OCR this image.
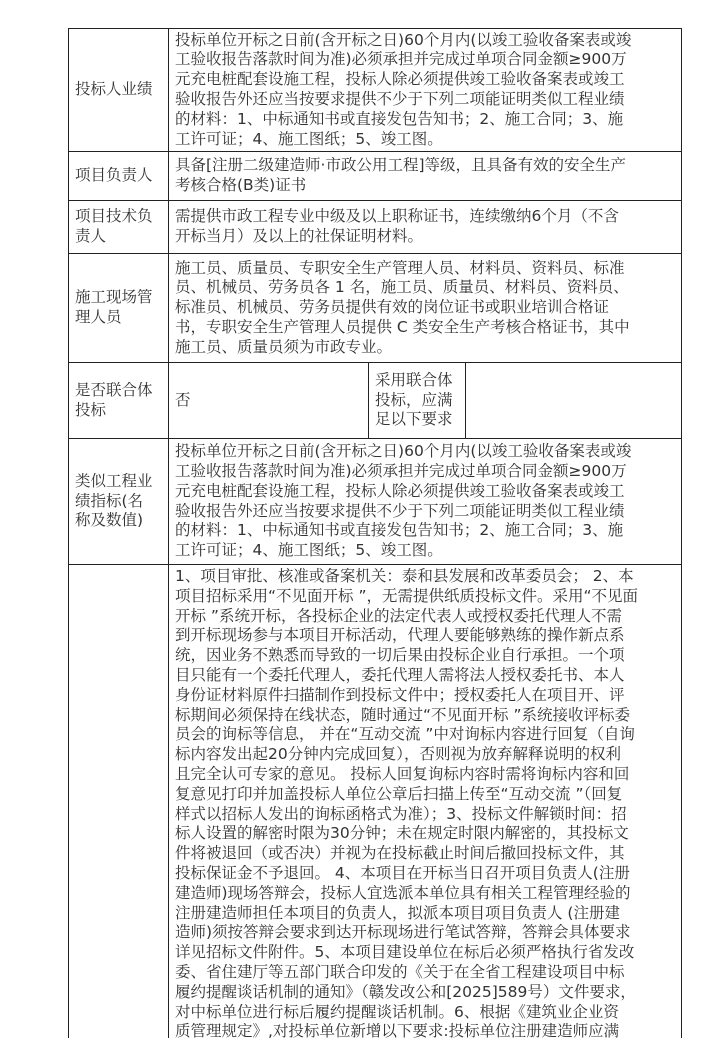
投标人业绩
投标单位开标之日前(含开标之日)60个月内(以竣工验收备案表或竣
工验收报告落款时间为准)必须承担并完成过单项合同金额≥900万
元充电桩配套设施工程，投标人除必须提供竣工验收备案表或竣工
验收报告外还应当按要求提供不少于下列二项能证明类似工程业绩
的材料：1、中标通知书或直接发包告知书；2、施工合同；3、施
工许可证；4、施工图纸；5、竣工图。
项目负责人
具备[注册二级建造师·市政公用工程]等级，且具备有效的安全生产
考核合格(B类)证书
项目技术负
责人
需提供市政工程专业中级及以上职称证书，连续缴纳6个月（不含
开标当月）及以上的社保证明材料。
施工现场管
理人员
施工员、质量员、专职安全生产管理人员、材料员、资料员、标准
员、机械员、劳务员各 1 名，施工员、质量员、材料员、资料员、
标准员、机械员、劳务员提供有效的岗位证书或职业培训合格证
书，专职安全生产管理人员提供 C 类安全生产考核合格证书，其中
施工员、质量员须为市政专业。
是否联合体
投标
否
采用联合体
投标，应满
足以下要求
类似工程业
绩指标(名
称及数值)
投标单位开标之日前(含开标之日)60个月内(以竣工验收备案表或竣
工验收报告落款时间为准)必须承担并完成过单项合同金额≥900万
元充电桩配套设施工程，投标人除必须提供竣工验收备案表或竣工
验收报告外还应当按要求提供不少于下列二项能证明类似工程业绩
的材料：1、中标通知书或直接发包告知书；2、施工合同；3、施
工许可证；4、施工图纸；5、竣工图。
1、项目审批、核准或备案机关：泰和县发展和改革委员会； 2、本
项目招标采用“不见面开标 ”，无需提供纸质投标文件。采用“不见面
开标 ”系统开标，各投标企业的法定代表人或授权委托代理人不需
到开标现场参与本项目开标活动，代理人要能够熟练的操作新点系
统，因业务不熟悉而导致的一切后果由投标企业自行承担。一个项
目只能有一个委托代理人，委托代理人需将法人授权委托书、本人
身份证材料原件扫描制作到投标文件中；授权委托人在项目开、评
标期间必须保持在线状态，随时通过“不见面开标 ”系统接收评标委
员会的询标等信息， 并在“互动交流 ”中对询标内容进行回复（自询
标内容发出起20分钟内完成回复），否则视为放弃解释说明的权利
且完全认可专家的意见。 投标人回复询标内容时需将询标内容和回
复意见打印并加盖投标人单位公章后扫描上传至“互动交流 ”（回复
样式以招标人发出的询标函格式为准）；3、投标文件解锁时间：招
标人设置的解密时限为30分钟；未在规定时限内解密的，其投标文
件将被退回（或否决）并视为在投标截止时间后撤回投标文件，其
投标保证金不予退回。 4、本项目在开标当日召开项目负责人(注册
建造师)现场答辩会，投标人宜选派本单位具有相关工程管理经验的
注册建造师担任本项目的负责人，拟派本项目项目负责人 (注册建
造师)须按答辩会要求到达开标现场进行笔试答辩，答辩会具体要求
详见招标文件附件。5、本项目建设单位在标后必须严格执行省发改
委、省住建厅等五部门联合印发的《关于在全省工程建设项目中标
履约提醒谈话机制的通知》（赣发改公和[2025]589号）文件要求，
对中标单位进行标后履约提醒谈话机制。6、根据《建筑业企业资
质管理规定》,对投标单位新增以下要求:投标单位注册建造师应满
